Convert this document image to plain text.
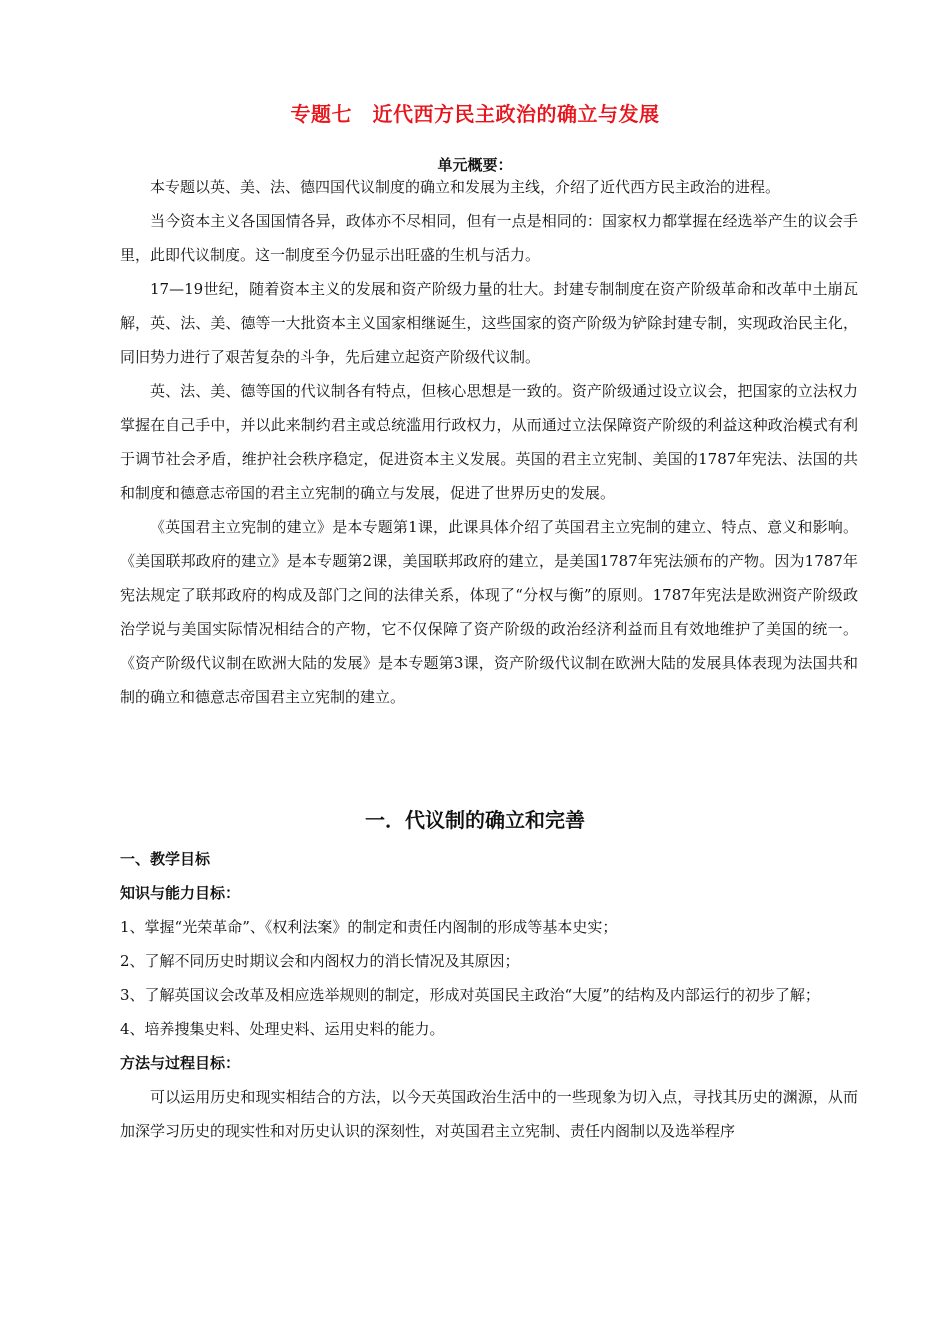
专题七　近代西方民主政治的确立与发展
单元概要：

本专题以英、美、法、德四国代议制度的确立和发展为主线，介绍了近代西方民主政治的进程。

当今资本主义各国国情各异，政体亦不尽相同，但有一点是相同的：国家权力都掌握在经选举产生的议会手里，此即代议制度。这一制度至今仍显示出旺盛的生机与活力。

17—19世纪，随着资本主义的发展和资产阶级力量的壮大。封建专制制度在资产阶级革命和改革中土崩瓦解，英、法、美、德等一大批资本主义国家相继诞生，这些国家的资产阶级为铲除封建专制，实现政治民主化，同旧势力进行了艰苦复杂的斗争，先后建立起资产阶级代议制。

英、法、美、德等国的代议制各有特点，但核心思想是一致的。资产阶级通过设立议会，把国家的立法权力掌握在自己手中，并以此来制约君主或总统滥用行政权力，从而通过立法保障资产阶级的利益这种政治模式有利于调节社会矛盾，维护社会秩序稳定，促进资本主义发展。英国的君主立宪制、美国的1787年宪法、法国的共和制度和德意志帝国的君主立宪制的确立与发展，促进了世界历史的发展。

《英国君主立宪制的建立》是本专题第1课，此课具体介绍了英国君主立宪制的建立、特点、意义和影响。《美国联邦政府的建立》是本专题第2课，美国联邦政府的建立，是美国1787年宪法颁布的产物。因为1787年宪法规定了联邦政府的构成及部门之间的法律关系，体现了“分权与衡”的原则。1787年宪法是欧洲资产阶级政治学说与美国实际情况相结合的产物，它不仅保障了资产阶级的政治经济利益而且有效地维护了美国的统一。《资产阶级代议制在欧洲大陆的发展》是本专题第3课，资产阶级代议制在欧洲大陆的发展具体表现为法国共和制的确立和德意志帝国君主立宪制的建立。

一．代议制的确立和完善

一、教学目标

知识与能力目标：

1、掌握“光荣革命”、《权利法案》的制定和责任内阁制的形成等基本史实；

2、了解不同历史时期议会和内阁权力的消长情况及其原因；

3、了解英国议会改革及相应选举规则的制定，形成对英国民主政治“大厦”的结构及内部运行的初步了解；

4、培养搜集史料、处理史料、运用史料的能力。

方法与过程目标：

可以运用历史和现实相结合的方法，以今天英国政治生活中的一些现象为切入点，寻找其历史的渊源，从而加深学习历史的现实性和对历史认识的深刻性，对英国君主立宪制、责任内阁制以及选举程序
